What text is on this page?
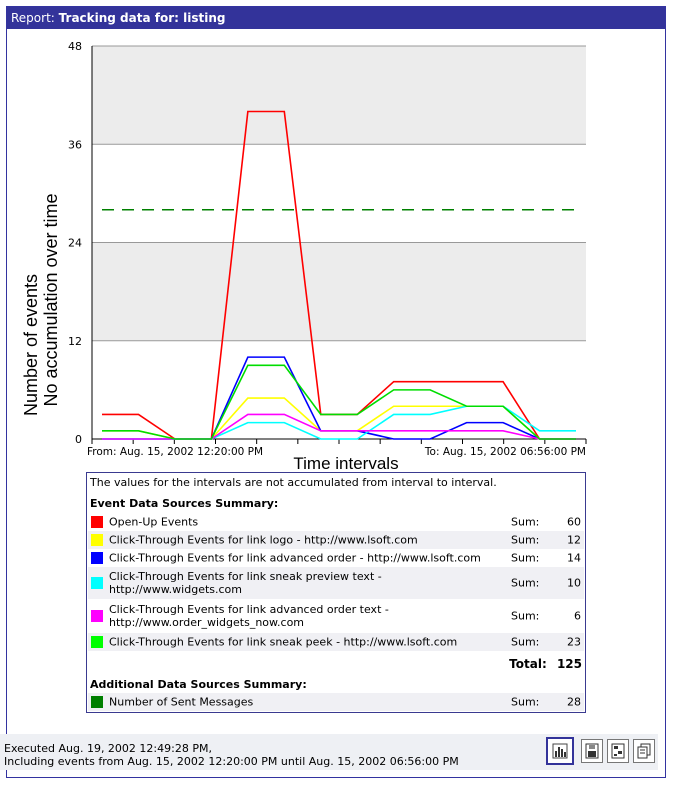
Report: Tracking data for: listing
0
12
24
36
48
From: Aug. 15, 2002 12:20:00 PM	To: Aug. 15, 2002 06:56:00 PM
Time intervals
Number of events No accumulation over time
The values for the intervals are not accumulated from interval to interval.
Event Data Sources Summary:
Open-Up Events	Sum:	60
Click-Through Events for link logo - http://www.lsoft.com	Sum:	12
Click-Through Events for link advanced order - http://www.lsoft.com	Sum:	14
Click-Through Events for link sneak preview text - http://www.widgets.com	Sum:	10
Click-Through Events for link advanced order text - http://www.order_widgets_now.com	Sum:	6
Click-Through Events for link sneak peek - http://www.lsoft.com	Sum:	23
Total: 125
Additional Data Sources Summary:
Number of Sent Messages	Sum:	28
Executed Aug. 19, 2002 12:49:28 PM,
Including events from Aug. 15, 2002 12:20:00 PM until Aug. 15, 2002 06:56:00 PM
